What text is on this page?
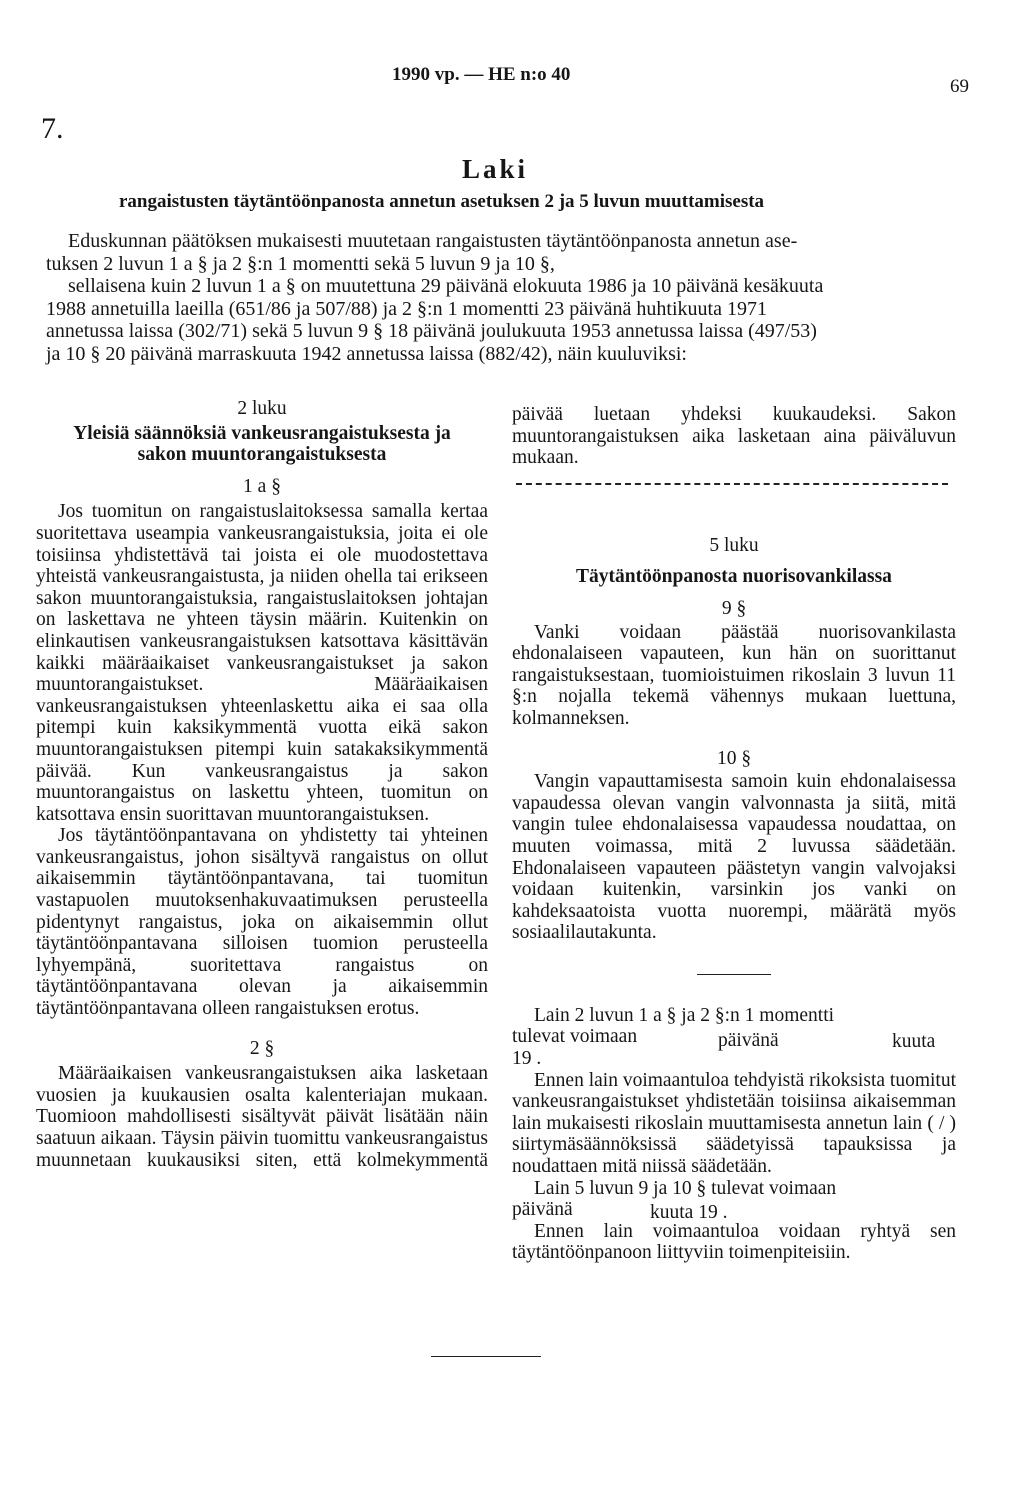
1990 vp. — HE n:o 40
69
7.
Laki
rangaistusten täytäntöönpanosta annetun asetuksen 2 ja 5 luvun muuttamisesta
Eduskunnan päätöksen mukaisesti muutetaan rangaistusten täytäntöönpanosta annetun ase-
tuksen 2 luvun 1 a § ja 2 §:n 1 momentti sekä 5 luvun 9 ja 10 §,
sellaisena kuin 2 luvun 1 a § on muutettuna 29 päivänä elokuuta 1986 ja 10 päivänä kesäkuuta
1988 annetuilla laeilla (651/86 ja 507/88) ja 2 §:n 1 momentti 23 päivänä huhtikuuta 1971
annetussa laissa (302/71) sekä 5 luvun 9 § 18 päivänä joulukuuta 1953 annetussa laissa (497/53)
ja 10 § 20 päivänä marraskuuta 1942 annetussa laissa (882/42), näin kuuluviksi:
2 luku
Yleisiä säännöksiä vankeusrangaistuksesta ja
sakon muuntorangaistuksesta
1 a §

Jos tuomitun on rangaistuslaitoksessa samalla kertaa suoritettava useampia vankeusrangaistuksia, joita ei ole toisiinsa yhdistettävä tai joista ei ole muodostettava yhteistä vankeusrangaistusta, ja niiden ohella tai erikseen sakon muuntorangaistuksia, rangaistuslaitoksen johtajan on laskettava ne yhteen täysin määrin. Kuitenkin on elinkautisen vankeusrangaistuksen katsottava käsittävän kaikki määräaikaiset vankeusrangaistukset ja sakon muuntorangaistukset. Määräaikaisen vankeusrangaistuksen yhteenlaskettu aika ei saa olla pitempi kuin kaksikymmentä vuotta eikä sakon muuntorangaistuksen pitempi kuin satakaksikymmentä päivää. Kun vankeusrangaistus ja sakon muuntorangaistus on laskettu yhteen, tuomitun on katsottava ensin suorittavan muuntorangaistuksen.

Jos täytäntöönpantavana on yhdistetty tai yhteinen vankeusrangaistus, johon sisältyvä rangaistus on ollut aikaisemmin täytäntöönpantavana, tai tuomitun vastapuolen muutoksenhakuvaatimuksen perusteella pidentynyt rangaistus, joka on aikaisemmin ollut täytäntöönpantavana silloisen tuomion perusteella lyhyempänä, suoritettava rangaistus on täytäntöönpantavana olevan ja aikaisemmin täytäntöönpantavana olleen rangaistuksen erotus.

2 §

Määräaikaisen vankeusrangaistuksen aika lasketaan vuosien ja kuukausien osalta kalenteriajan mukaan. Tuomioon mahdollisesti sisältyvät päivät lisätään näin saatuun aikaan. Täysin päivin tuomittu vankeusrangaistus muunnetaan kuukausiksi siten, että kolmekymmentä

päivää luetaan yhdeksi kuukaudeksi. Sakon muuntorangaistuksen aika lasketaan aina päiväluvun mukaan.

5 luku
Täytäntöönpanosta nuorisovankilassa
9 §

Vanki voidaan päästää nuorisovankilasta ehdonalaiseen vapauteen, kun hän on suorittanut rangaistuksestaan, tuomioistuimen rikoslain 3 luvun 11 §:n nojalla tekemä vähennys mukaan luettuna, kolmanneksen.

10 §

Vangin vapauttamisesta samoin kuin ehdonalaisessa vapaudessa olevan vangin valvonnasta ja siitä, mitä vangin tulee ehdonalaisessa vapaudessa noudattaa, on muuten voimassa, mitä 2 luvussa säädetään. Ehdonalaiseen vapauteen päästetyn vangin valvojaksi voidaan kuitenkin, varsinkin jos vanki on kahdeksaatoista vuotta nuorempi, määrätä myös sosiaalilautakunta.

Lain 2 luvun 1 a § ja 2 §:n 1 momentti
tulevat voimaan	päivänä	kuuta
19 .

Ennen lain voimaantuloa tehdyistä rikoksista tuomitut vankeusrangaistukset yhdistetään toisiinsa aikaisemman lain mukaisesti rikoslain muuttamisesta annetun lain ( / ) siirtymäsäännöksissä säädetyissä tapauksissa ja noudattaen mitä niissä säädetään.

Lain 5 luvun 9 ja 10 § tulevat voimaan
päivänä	kuuta 19 .

Ennen lain voimaantuloa voidaan ryhtyä sen täytäntöönpanoon liittyviin toimenpiteisiin.
